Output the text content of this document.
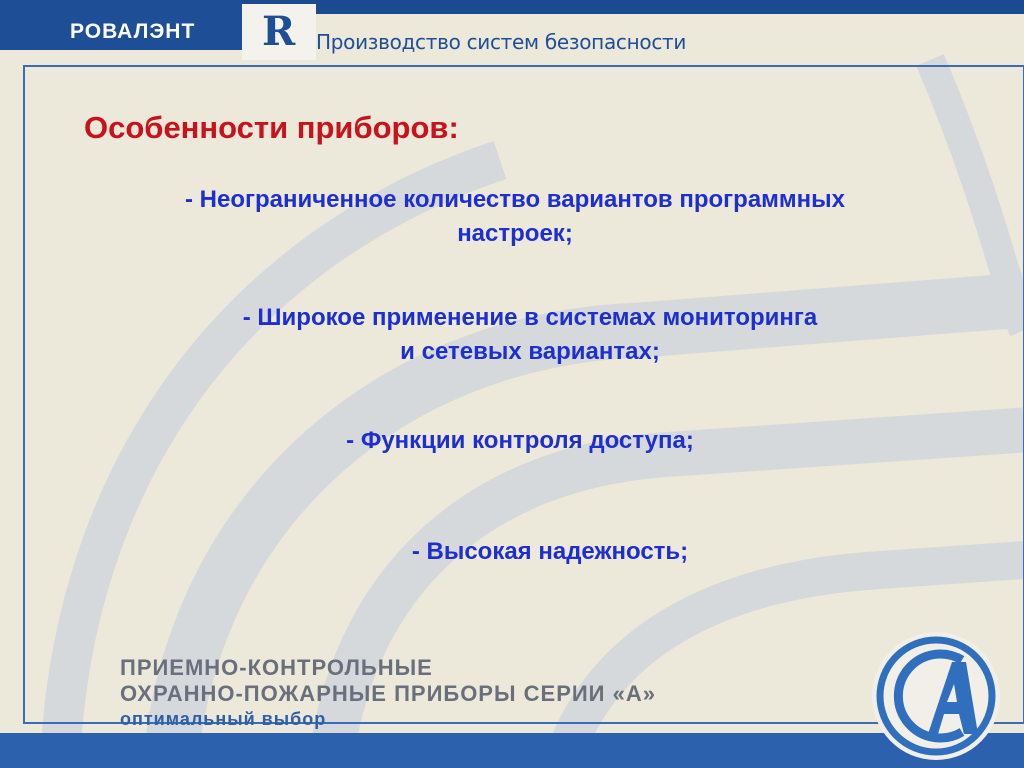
РОВАЛЭНТ R Производство систем безопасности
Особенности приборов:
- Неограниченное количество вариантов программных
настроек;
- Широкое применение в системах мониторинга
и сетевых вариантах;
- Функции контроля доступа;
- Высокая надежность;
ПРИЕМНО-КОНТРОЛЬНЫЕ
ОХРАННО-ПОЖАРНЫЕ ПРИБОРЫ СЕРИИ «А»
оптимальный выбор
